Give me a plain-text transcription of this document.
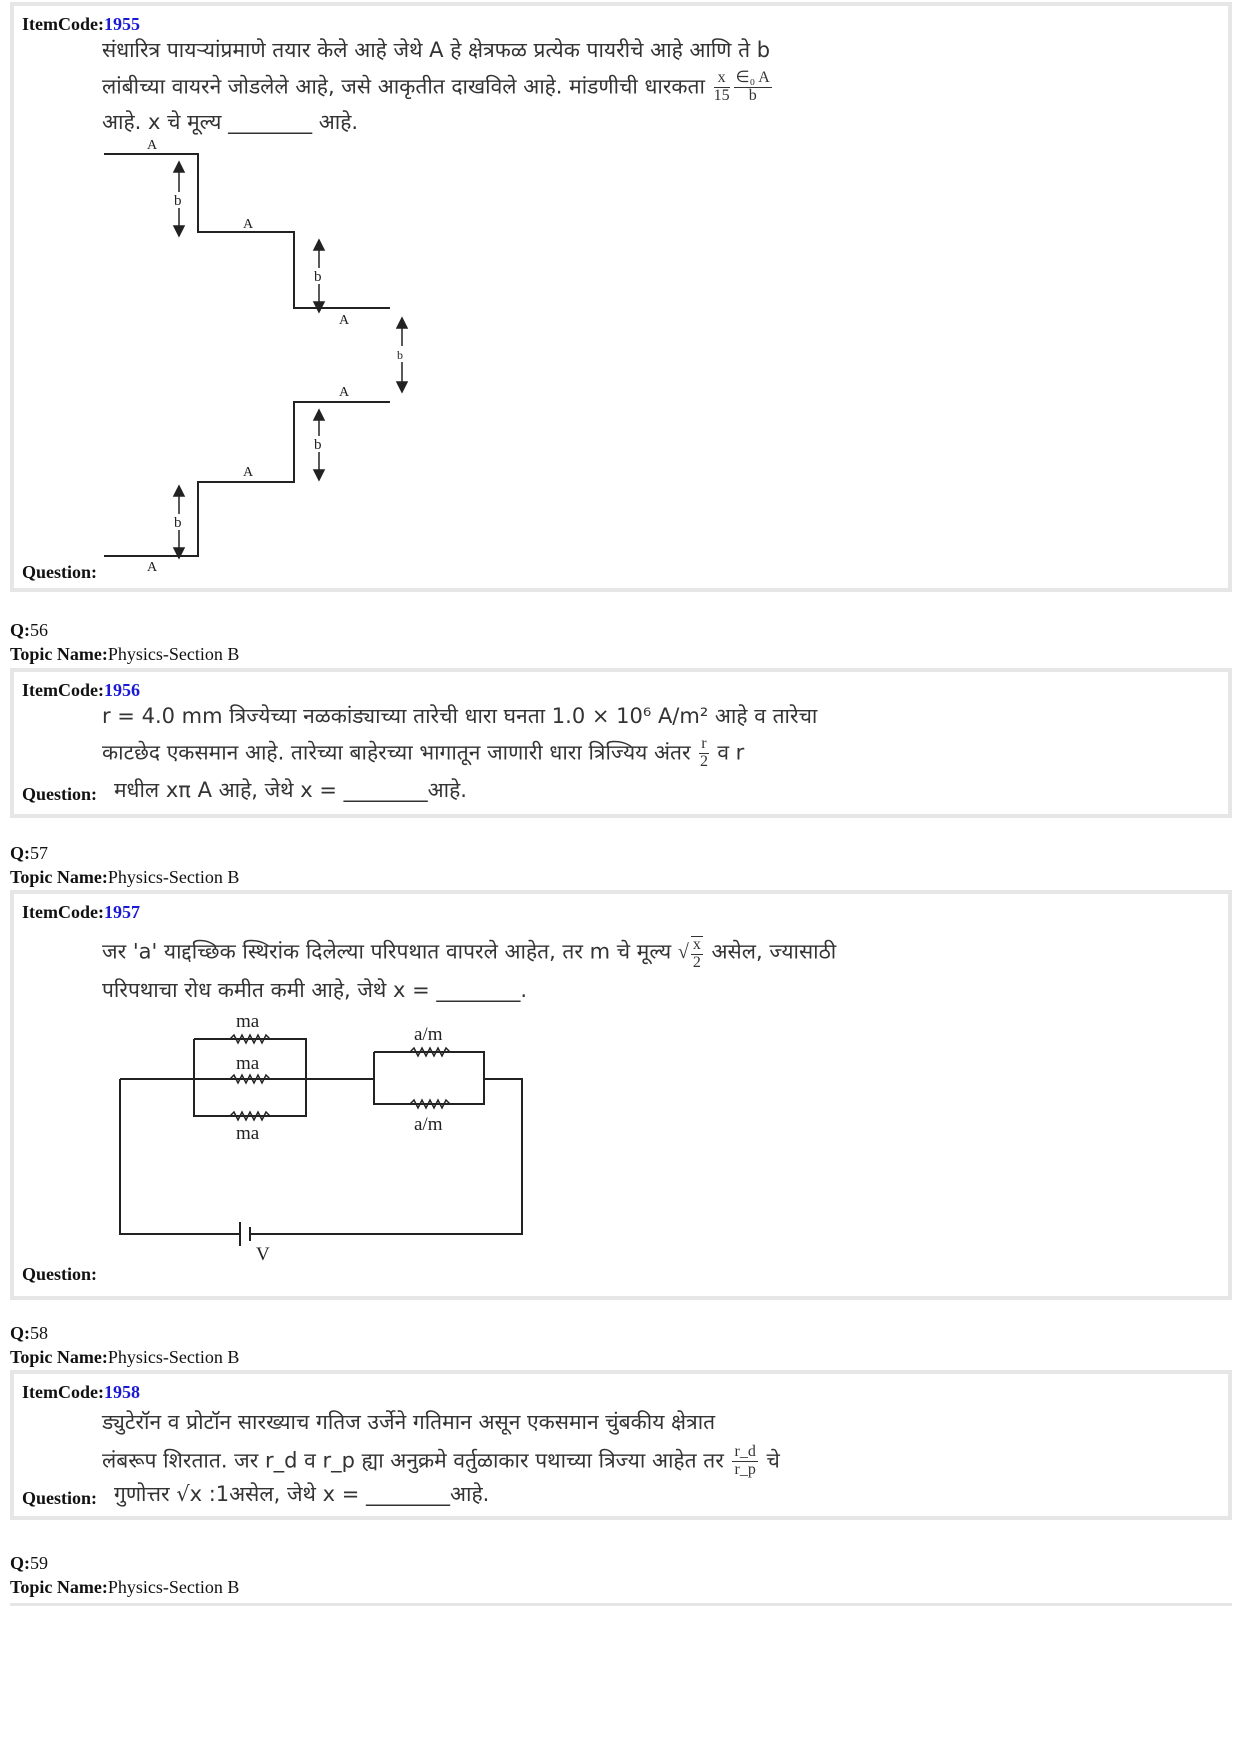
ItemCode:1955
संधारित्र पायऱ्यांप्रमाणे तयार केले आहे जेथे A हे क्षेत्रफळ प्रत्येक पायरीचे आहे आणि ते b
लांबीच्या वायरने जोडलेले आहे, जसे आकृतीत दाखविले आहे. मांडणीची धारकता $\frac{x}{15} \frac{\text{∈₀ A}}{b}$
आहे. x चे मूल्य ________ आहे.
A
A
A
A
A
A
b
b
b
b
b
Question:
Q:56
Topic Name:Physics-Section B
ItemCode:1956
r = 4.0 mm त्रिज्येच्या नळकांड्याच्या तारेची धारा घनता 1.0 × 10⁶ A/m² आहे व तारेचा
काटछेद एकसमान आहे. तारेच्या बाहेरच्या भागातून जाणारी धारा त्रिज्यिय अंतर $\frac{r}{2}$ व r
Question: मधील xπ A आहे, जेथे x = ________आहे.
Q:57
Topic Name:Physics-Section B
ItemCode:1957
जर 'a' याद्दच्छिक स्थिरांक दिलेल्या परिपथात वापरले आहेत, तर m चे मूल्य √ $\frac{x}{2}$ असेल, ज्यासाठी
परिपथाचा रोध कमीत कमी आहे, जेथे x = ________.
ma
ma
ma
a/m
a/m
V
Question:
Q:58
Topic Name:Physics-Section B
ItemCode:1958
ड्युटेरॉन व प्रोटॉन सारख्याच गतिज उर्जेने गतिमान असून एकसमान चुंबकीय क्षेत्रात
लंबरूप शिरतात. जर r_d व r_p ह्या अनुक्रमे वर्तुळाकार पथाच्या त्रिज्या आहेत तर $\frac{r\_d}{r\_p}$ चे
Question: गुणोत्तर √x :1असेल, जेथे x = ________आहे.
Q:59
Topic Name:Physics-Section B
